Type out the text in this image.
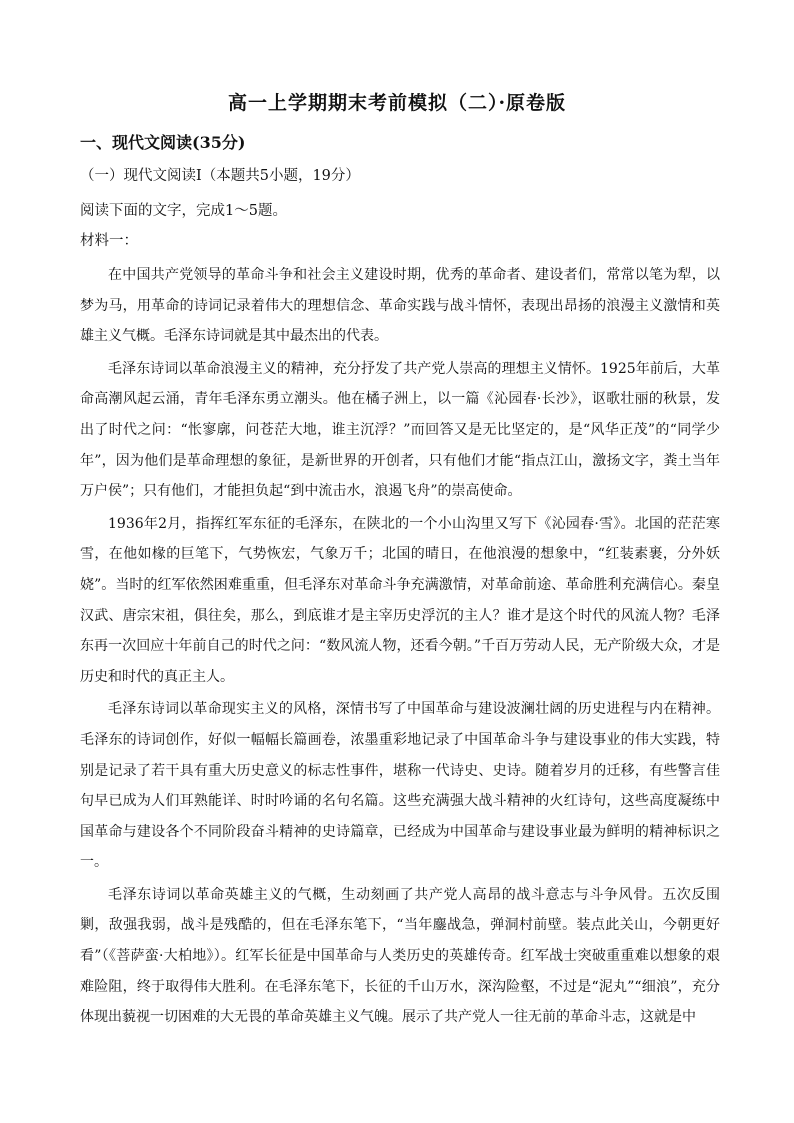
高一上学期期末考前模拟（二）·原卷版
一、现代文阅读(35分)
（一）现代文阅读Ⅰ（本题共5小题，19分）
阅读下面的文字，完成1～5题。
材料一：

在中国共产党领导的革命斗争和社会主义建设时期，优秀的革命者、建设者们，常常以笔为犁，以梦为马，用革命的诗词记录着伟大的理想信念、革命实践与战斗情怀，表现出昂扬的浪漫主义激情和英雄主义气概。毛泽东诗词就是其中最杰出的代表。

毛泽东诗词以革命浪漫主义的精神，充分抒发了共产党人崇高的理想主义情怀。1925年前后，大革命高潮风起云涌，青年毛泽东勇立潮头。他在橘子洲上，以一篇《沁园春·长沙》，讴歌壮丽的秋景，发出了时代之问：“怅寥廓，问苍茫大地，谁主沉浮？”而回答又是无比坚定的，是“风华正茂”的“同学少年”，因为他们是革命理想的象征，是新世界的开创者，只有他们才能“指点江山，激扬文字，粪土当年万户侯”；只有他们，才能担负起“到中流击水，浪遏飞舟”的崇高使命。

1936年2月，指挥红军东征的毛泽东，在陕北的一个小山沟里又写下《沁园春·雪》。北国的茫茫寒雪，在他如椽的巨笔下，气势恢宏，气象万千；北国的晴日，在他浪漫的想象中，“红装素裹，分外妖娆”。当时的红军依然困难重重，但毛泽东对革命斗争充满激情，对革命前途、革命胜利充满信心。秦皇汉武、唐宗宋祖，俱往矣，那么，到底谁才是主宰历史浮沉的主人？谁才是这个时代的风流人物？毛泽东再一次回应十年前自己的时代之问：“数风流人物，还看今朝。”千百万劳动人民，无产阶级大众，才是历史和时代的真正主人。

毛泽东诗词以革命现实主义的风格，深情书写了中国革命与建设波澜壮阔的历史进程与内在精神。毛泽东的诗词创作，好似一幅幅长篇画卷，浓墨重彩地记录了中国革命斗争与建设事业的伟大实践，特别是记录了若干具有重大历史意义的标志性事件，堪称一代诗史、史诗。随着岁月的迁移，有些警言佳句早已成为人们耳熟能详、时时吟诵的名句名篇。这些充满强大战斗精神的火红诗句，这些高度凝练中国革命与建设各个不同阶段奋斗精神的史诗篇章，已经成为中国革命与建设事业最为鲜明的精神标识之一。

毛泽东诗词以革命英雄主义的气概，生动刻画了共产党人高昂的战斗意志与斗争风骨。五次反围剿，敌强我弱，战斗是残酷的，但在毛泽东笔下，“当年鏖战急，弹洞村前壁。装点此关山，今朝更好看”（《菩萨蛮·大柏地》）。红军长征是中国革命与人类历史的英雄传奇。红军战士突破重重难以想象的艰难险阻，终于取得伟大胜利。在毛泽东笔下，长征的千山万水，深沟险壑，不过是“泥丸”“细浪”，充分体现出藐视一切困难的大无畏的革命英雄主义气魄。展示了共产党人一往无前的革命斗志，这就是中
